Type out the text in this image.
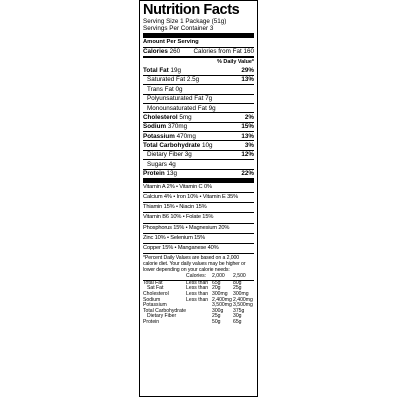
Nutrition Facts
Serving Size 1 Package (51g)
Servings Per Container 3
Amount Per Serving
Calories 260 Calories from Fat 160
% Daily Value*
Total Fat 19g	29%
Saturated Fat 2.5g	13%
Trans Fat 0g
Polyunsaturated Fat 7g
Monounsaturated Fat 9g
Cholesterol 5mg	2%
Sodium 370mg	15%
Potassium 470mg	13%
Total Carbohydrate 10g	3%
Dietary Fiber 3g	12%
Sugars 4g
Protein 13g	22%
Vitamin A 2% • Vitamin C 0%
Calcium 4% • Iron 10% • Vitamin E 35%
Thiamin 15% • Niacin 15%
Vitamin B6 10% • Folate 15%
Phosphorus 15% • Magnesium 20%
Zinc 10% • Selenium 15%
Copper 15% • Manganese 40%
*Percent Daily Values are based on a 2,000 calorie diet. Your daily values may be higher or lower depending on your calorie needs:
	Calories:	2,000	2,500
Total Fat	Less than	65g	80g
Sat Fat	Less than	20g	25g
Cholesterol	Less than	300mg	300mg
Sodium	Less than	2,400mg	2,400mg
Potassium		3,500mg	3,500mg
Total Carbohydrate		300g	375g
Dietary Fiber		25g	30g
Protein		50g	65g
